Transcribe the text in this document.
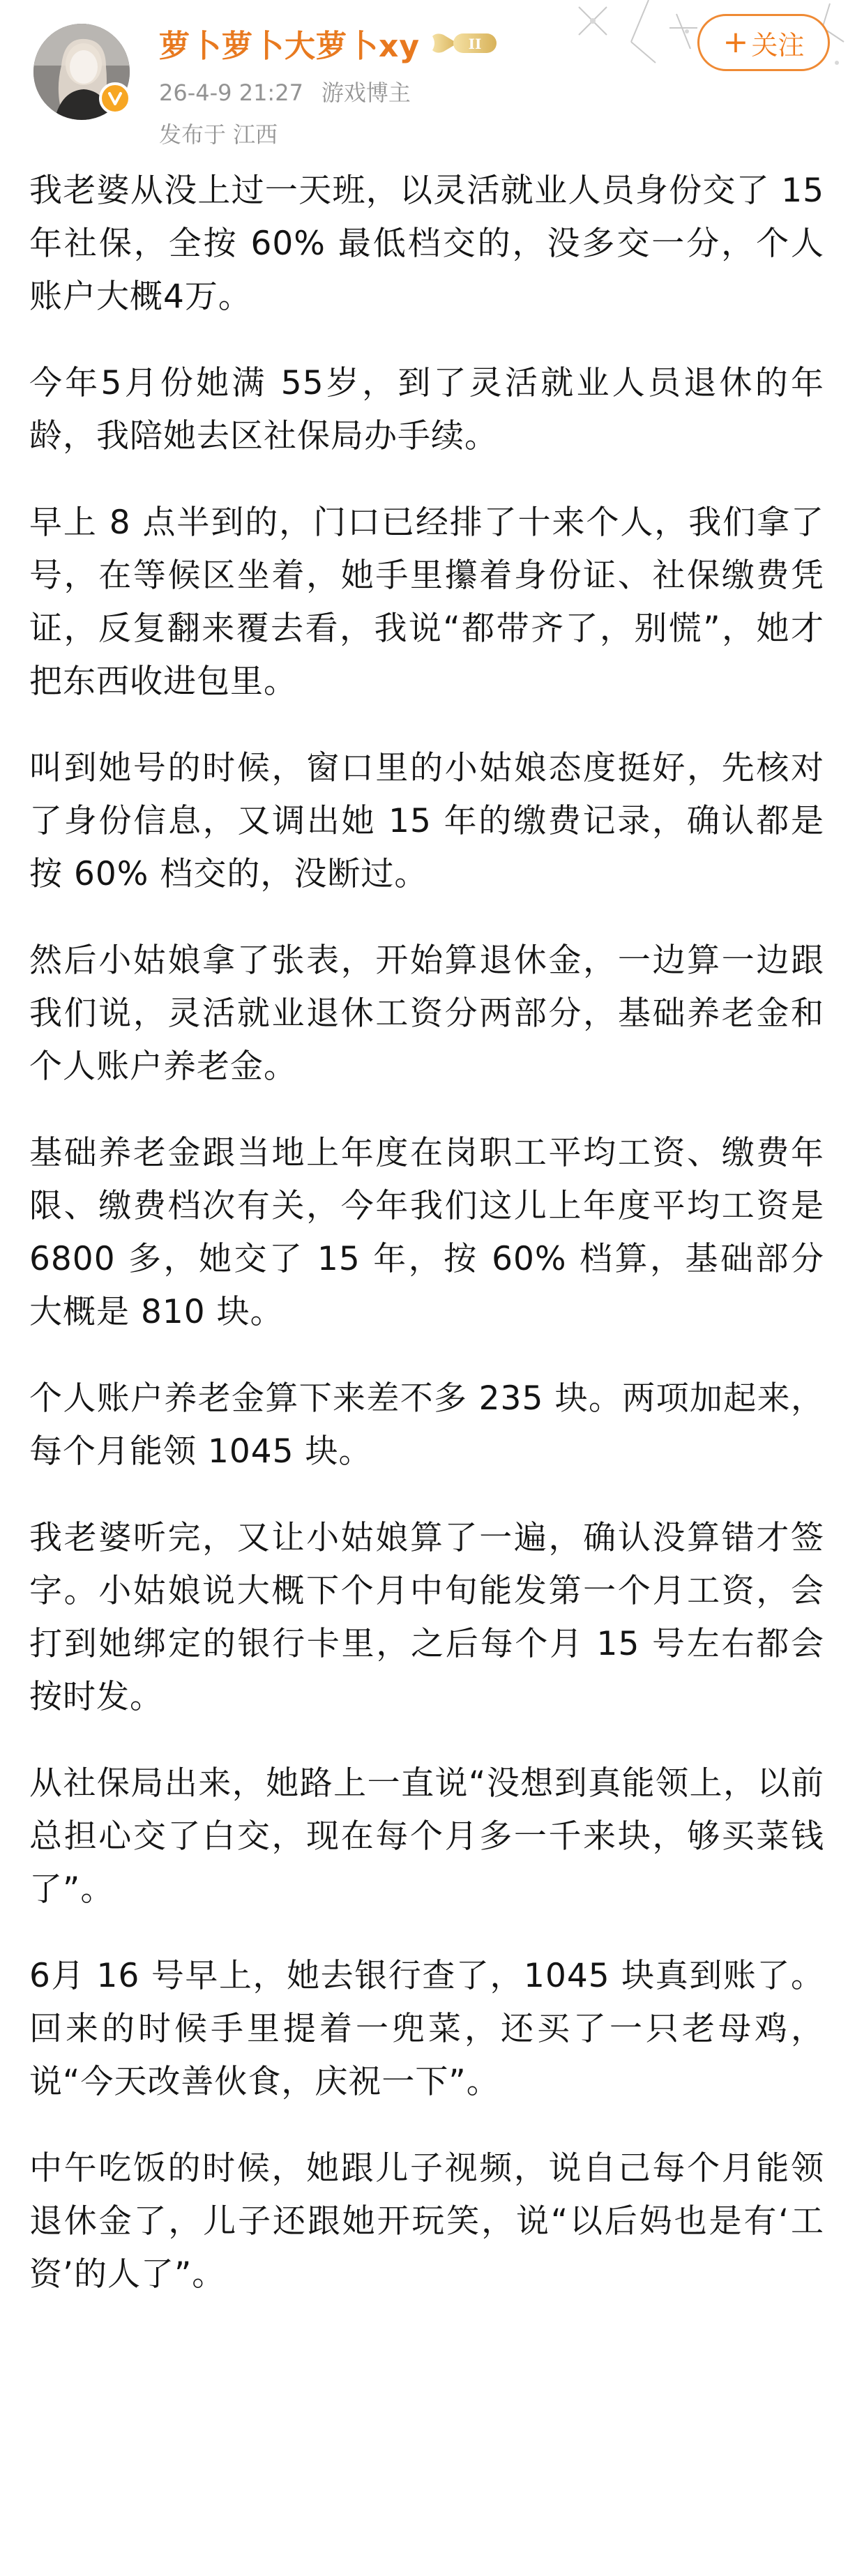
萝卜萝卜大萝卜xy	II
26-4-9 21:27 游戏博主
发布于 江西
+ 关注

我老婆从没上过一天班，以灵活就业人员身份交了 15年社保，全按 60% 最低档交的，没多交一分，个人账户大概4万。

今年5月份她满 55岁，到了灵活就业人员退休的年龄，我陪她去区社保局办手续。

早上 8 点半到的，门口已经排了十来个人，我们拿了号，在等候区坐着，她手里攥着身份证、社保缴费凭证，反复翻来覆去看，我说“都带齐了，别慌”，她才把东西收进包里。

叫到她号的时候，窗口里的小姑娘态度挺好，先核对了身份信息，又调出她 15 年的缴费记录，确认都是按 60% 档交的，没断过。

然后小姑娘拿了张表，开始算退休金，一边算一边跟我们说，灵活就业退休工资分两部分，基础养老金和个人账户养老金。

基础养老金跟当地上年度在岗职工平均工资、缴费年限、缴费档次有关，今年我们这儿上年度平均工资是 6800 多，她交了 15 年，按 60% 档算，基础部分大概是 810 块。

个人账户养老金算下来差不多 235 块。两项加起来，每个月能领 1045 块。

我老婆听完，又让小姑娘算了一遍，确认没算错才签字。小姑娘说大概下个月中旬能发第一个月工资，会打到她绑定的银行卡里，之后每个月 15 号左右都会按时发。

从社保局出来，她路上一直说“没想到真能领上，以前总担心交了白交，现在每个月多一千来块，够买菜钱了”。

6月 16 号早上，她去银行查了，1045 块真到账了。回来的时候手里提着一兜菜，还买了一只老母鸡，说“今天改善伙食，庆祝一下”。

中午吃饭的时候，她跟儿子视频，说自己每个月能领退休金了，儿子还跟她开玩笑，说“以后妈也是有‘工资’的人了”。
